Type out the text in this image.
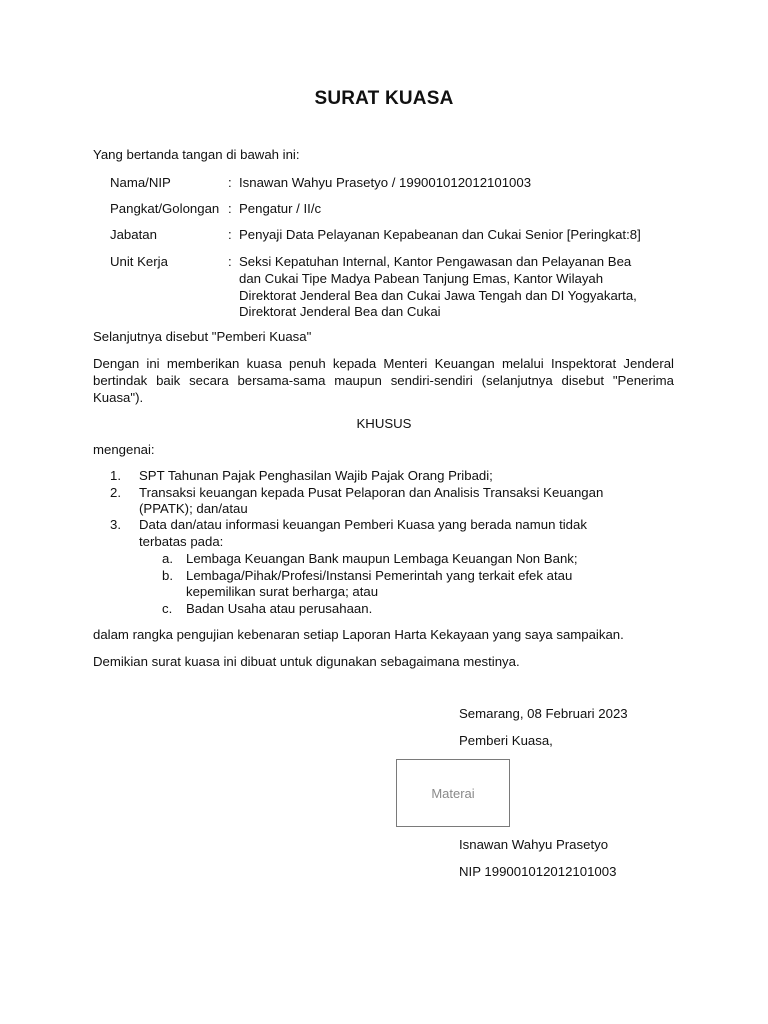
SURAT KUASA
Yang bertanda tangan di bawah ini:
Nama/NIP	: Isnawan Wahyu Prasetyo / 199001012012101003
Pangkat/Golongan : Pengatur / II/c
Jabatan	: Penyaji Data Pelayanan Kepabeanan dan Cukai Senior [Peringkat:8]
Unit Kerja	: Seksi Kepatuhan Internal, Kantor Pengawasan dan Pelayanan Bea
dan Cukai Tipe Madya Pabean Tanjung Emas, Kantor Wilayah
Direktorat Jenderal Bea dan Cukai Jawa Tengah dan DI Yogyakarta,
Direktorat Jenderal Bea dan Cukai
Selanjutnya disebut "Pemberi Kuasa"
Dengan ini memberikan kuasa penuh kepada Menteri Keuangan melalui Inspektorat Jenderal bertindak baik secara bersama-sama maupun sendiri-sendiri (selanjutnya disebut "Penerima Kuasa").
KHUSUS
mengenai:
1. SPT Tahunan Pajak Penghasilan Wajib Pajak Orang Pribadi;
2. Transaksi keuangan kepada Pusat Pelaporan dan Analisis Transaksi Keuangan
(PPATK); dan/atau
3. Data dan/atau informasi keuangan Pemberi Kuasa yang berada namun tidak
terbatas pada:
a. Lembaga Keuangan Bank maupun Lembaga Keuangan Non Bank;
b. Lembaga/Pihak/Profesi/Instansi Pemerintah yang terkait efek atau
kepemilikan surat berharga; atau
c. Badan Usaha atau perusahaan.
dalam rangka pengujian kebenaran setiap Laporan Harta Kekayaan yang saya sampaikan.
Demikian surat kuasa ini dibuat untuk digunakan sebagaimana mestinya.
Semarang, 08 Februari 2023
Pemberi Kuasa,
Materai
Isnawan Wahyu Prasetyo
NIP 199001012012101003
